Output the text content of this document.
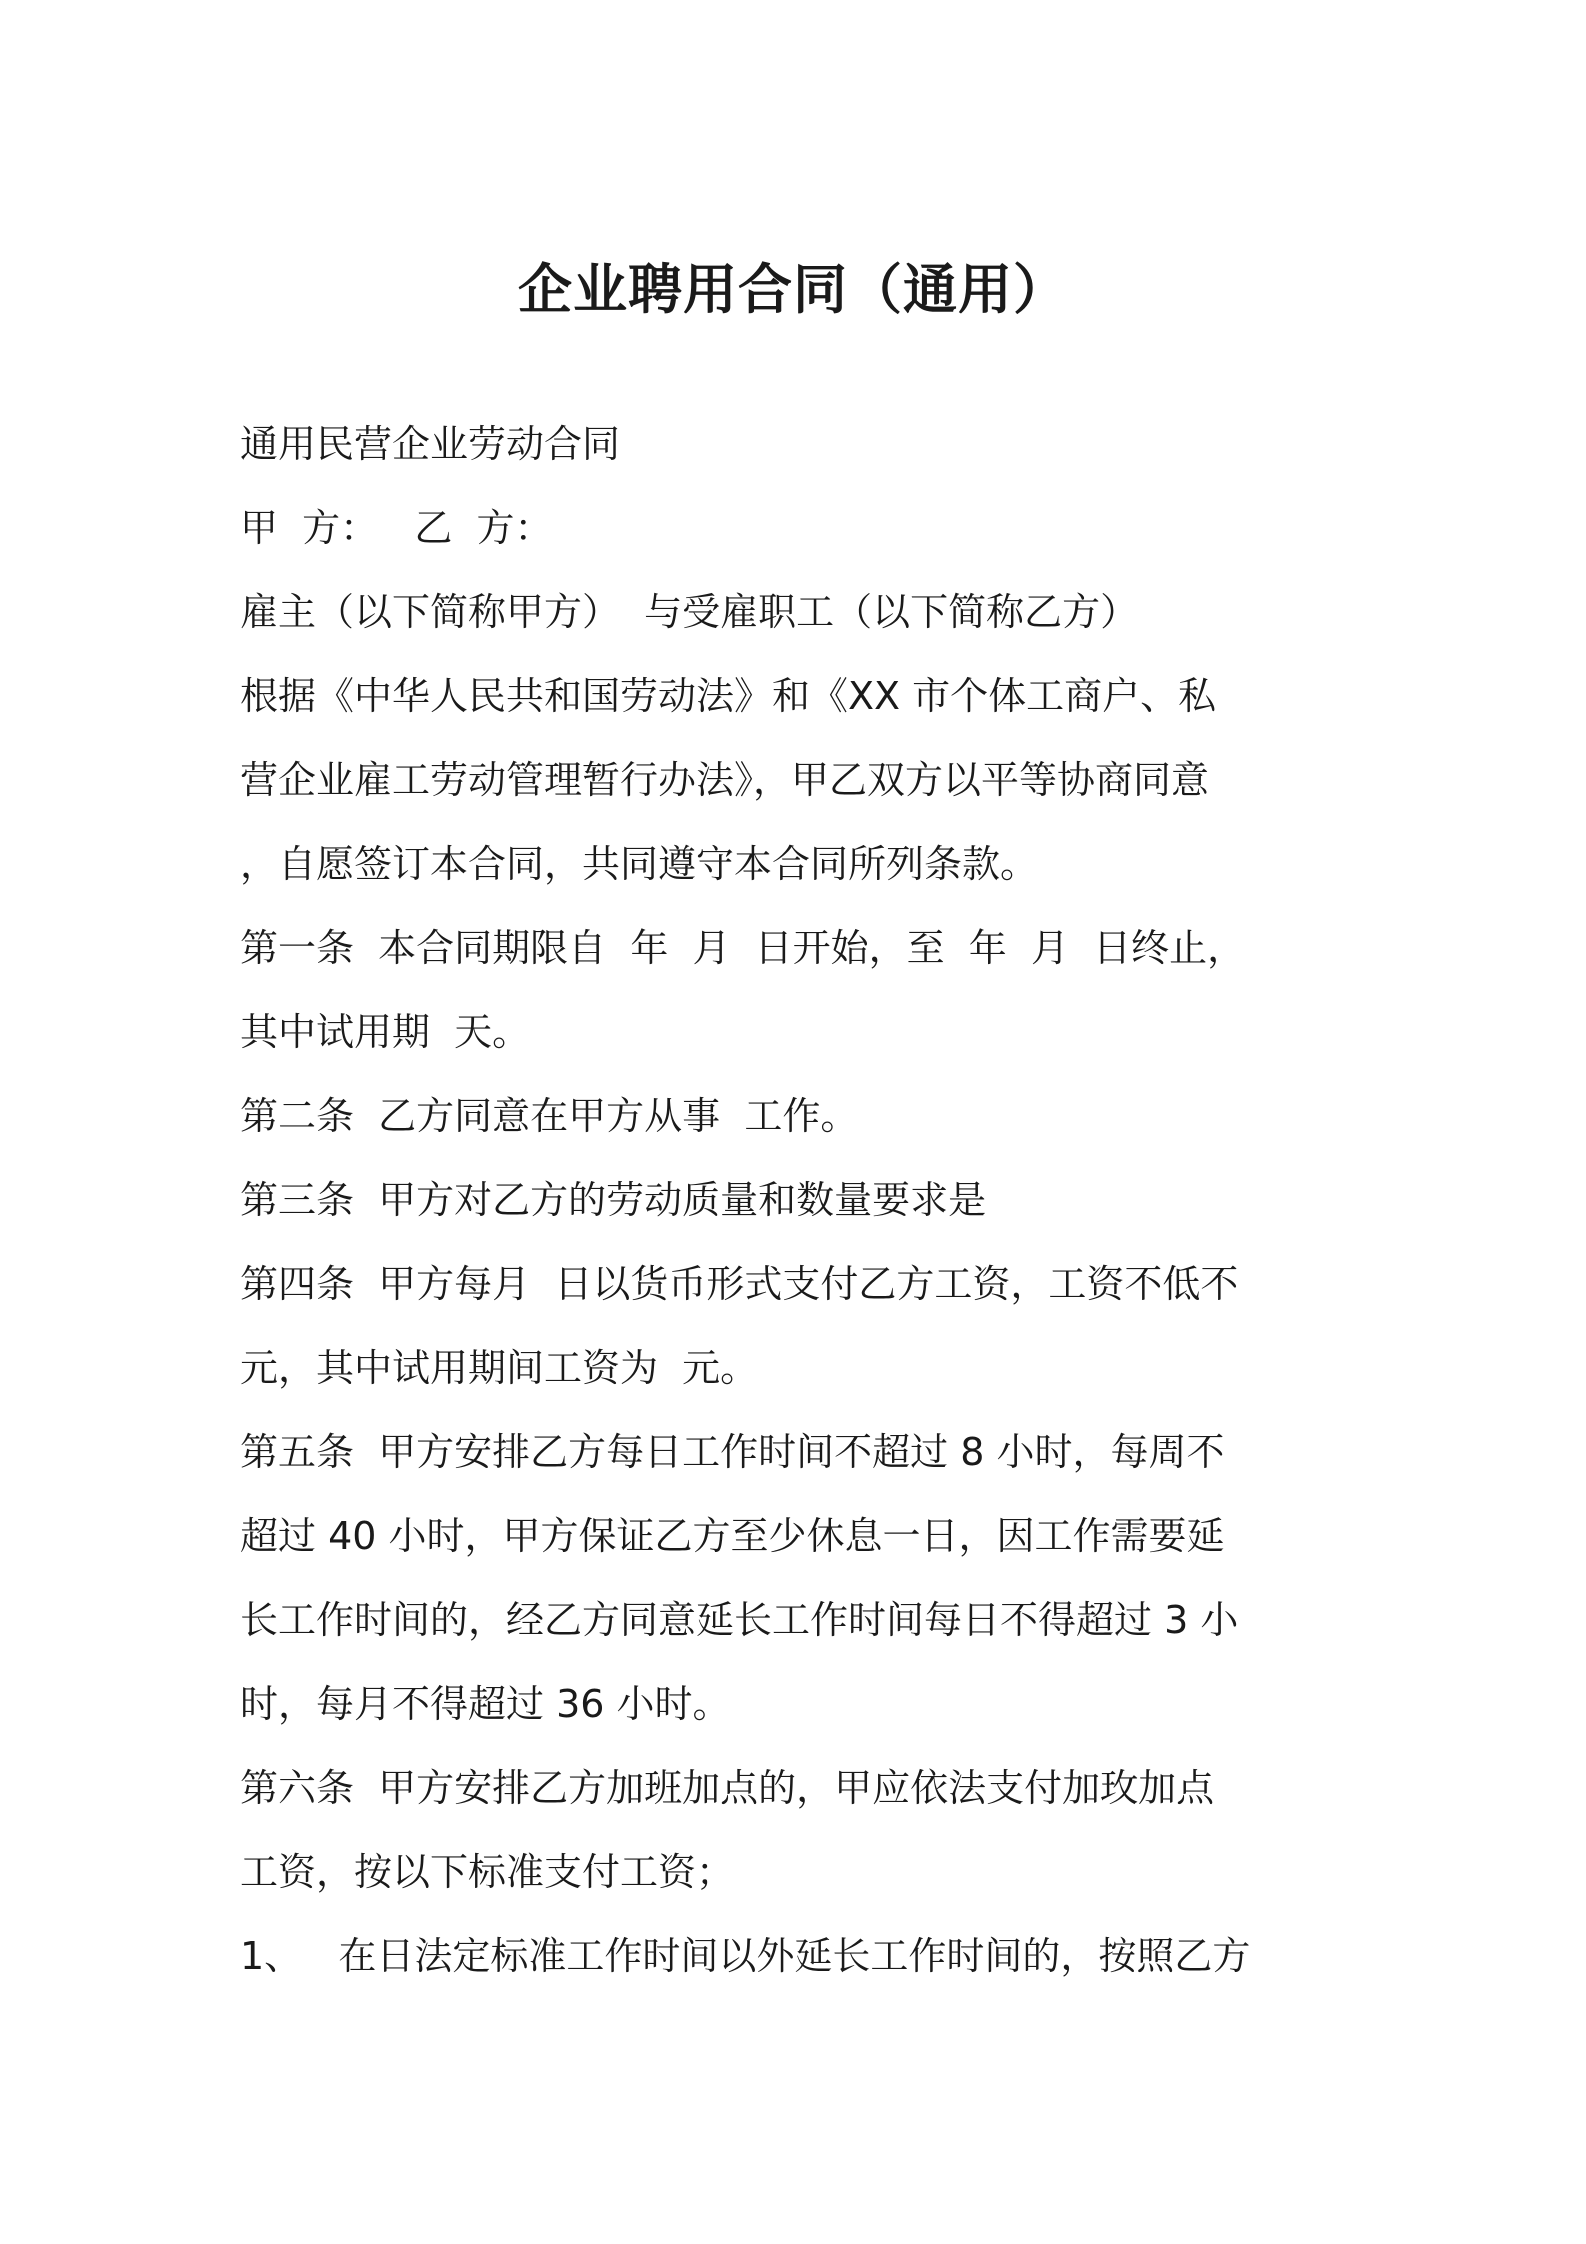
企业聘用合同（通用）
通用民营企业劳动合同
甲  方：   乙  方：
雇主（以下简称甲方）  与受雇职工（以下简称乙方）
根据《中华人民共和国劳动法》和《XX 市个体工商户、私
营企业雇工劳动管理暂行办法》，甲乙双方以平等协商同意
，自愿签订本合同，共同遵守本合同所列条款。
第一条  本合同期限自  年  月  日开始，至  年  月  日终止，
其中试用期  天。
第二条  乙方同意在甲方从事  工作。
第三条  甲方对乙方的劳动质量和数量要求是
第四条  甲方每月  日以货币形式支付乙方工资，工资不低不
元，其中试用期间工资为  元。
第五条  甲方安排乙方每日工作时间不超过 8 小时，每周不
超过 40 小时，甲方保证乙方至少休息一日，因工作需要延
长工作时间的，经乙方同意延长工作时间每日不得超过 3 小
时，每月不得超过 36 小时。
第六条  甲方安排乙方加班加点的，甲应依法支付加玫加点
工资，按以下标准支付工资；
1、   在日法定标准工作时间以外延长工作时间的，按照乙方
